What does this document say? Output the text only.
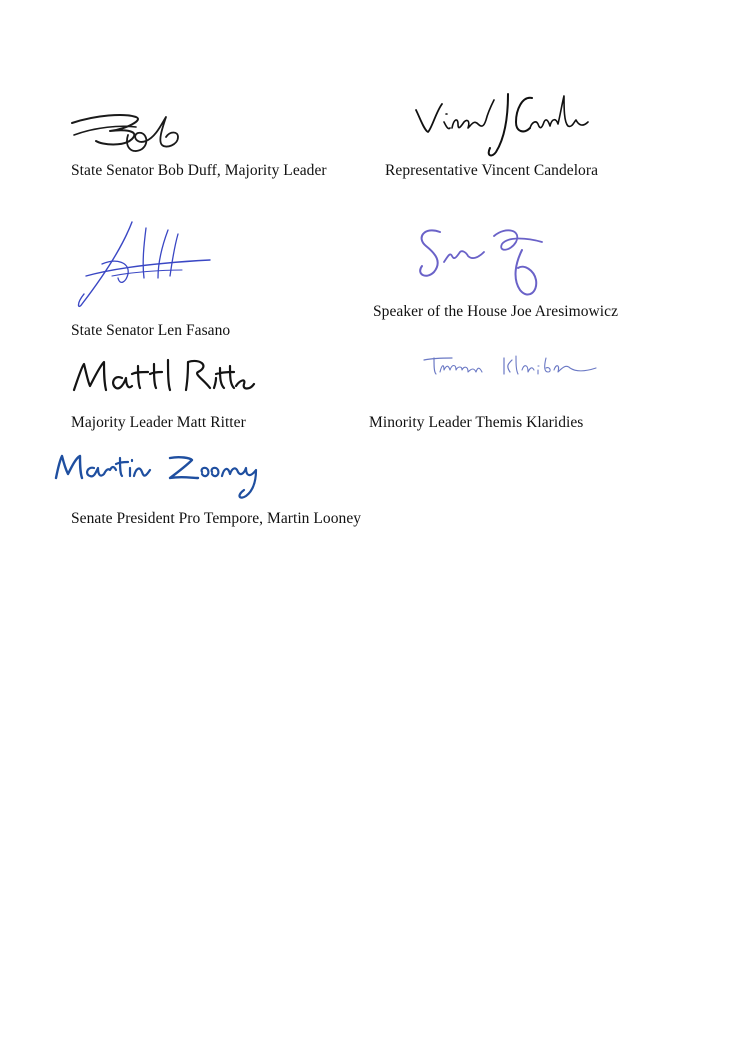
State Senator Bob Duff, Majority Leader	Representative Vincent Candelora
Speaker of the House Joe Aresimowicz
State Senator Len Fasano
Majority Leader Matt Ritter	Minority Leader Themis Klaridies
Senate President Pro Tempore, Martin Looney
